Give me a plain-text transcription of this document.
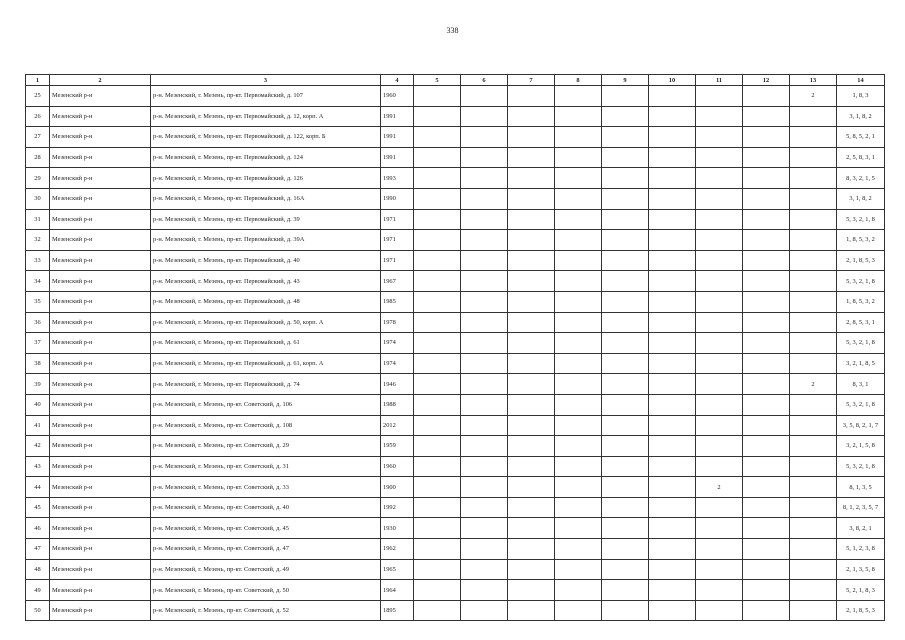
338
1	2	3	4	5	6	7	8	9	10	11	12	13	14
25	Мезенский р-н	р-н. Мезенский, г. Мезень, пр-кт. Первомайский, д. 107	1960									2	1, 8, 3
26	Мезенский р-н	р-н. Мезенский, г. Мезень, пр-кт. Первомайский, д. 12, корп. А	1991										3, 1, 8, 2
27	Мезенский р-н	р-н. Мезенский, г. Мезень, пр-кт. Первомайский, д. 122, корп. Б	1991										5, 8, 5, 2, 1
28	Мезенский р-н	р-н. Мезенский, г. Мезень, пр-кт. Первомайский, д. 124	1991										2, 5, 8, 3, 1
29	Мезенский р-н	р-н. Мезенский, г. Мезень, пр-кт. Первомайский, д. 126	1993										8, 3, 2, 1, 5
30	Мезенский р-н	р-н. Мезенский, г. Мезень, пр-кт. Первомайский, д. 16А	1990										3, 1, 8, 2
31	Мезенский р-н	р-н. Мезенский, г. Мезень, пр-кт. Первомайский, д. 39	1971										5, 3, 2, 1, 8
32	Мезенский р-н	р-н. Мезенский, г. Мезень, пр-кт. Первомайский, д. 39А	1971										1, 8, 5, 3, 2
33	Мезенский р-н	р-н. Мезенский, г. Мезень, пр-кт. Первомайский, д. 40	1971										2, 1, 8, 5, 3
34	Мезенский р-н	р-н. Мезенский, г. Мезень, пр-кт. Первомайский, д. 43	1967										5, 3, 2, 1, 8
35	Мезенский р-н	р-н. Мезенский, г. Мезень, пр-кт. Первомайский, д. 48	1985										1, 8, 5, 3, 2
36	Мезенский р-н	р-н. Мезенский, г. Мезень, пр-кт. Первомайский, д. 50, корп. А	1978										2, 8, 5, 3, 1
37	Мезенский р-н	р-н. Мезенский, г. Мезень, пр-кт. Первомайский, д. 61	1974										5, 3, 2, 1, 8
38	Мезенский р-н	р-н. Мезенский, г. Мезень, пр-кт. Первомайский, д. 61, корп. А	1974										3, 2, 1, 8, 5
39	Мезенский р-н	р-н. Мезенский, г. Мезень, пр-кт. Первомайский, д. 74	1946									2	8, 3, 1
40	Мезенский р-н	р-н. Мезенский, г. Мезень, пр-кт. Советский, д. 106	1988										5, 3, 2, 1, 8
41	Мезенский р-н	р-н. Мезенский, г. Мезень, пр-кт. Советский, д. 108	2012										3, 5, 8, 2, 1, 7
42	Мезенский р-н	р-н. Мезенский, г. Мезень, пр-кт. Советский, д. 29	1959										3, 2, 1, 5, 8
43	Мезенский р-н	р-н. Мезенский, г. Мезень, пр-кт. Советский, д. 31	1960										5, 3, 2, 1, 8
44	Мезенский р-н	р-н. Мезенский, г. Мезень, пр-кт. Советский, д. 33	1900							2			8, 1, 3, 5
45	Мезенский р-н	р-н. Мезенский, г. Мезень, пр-кт. Советский, д. 40	1992										8, 1, 2, 3, 5, 7
46	Мезенский р-н	р-н. Мезенский, г. Мезень, пр-кт. Советский, д. 45	1930										3, 8, 2, 1
47	Мезенский р-н	р-н. Мезенский, г. Мезень, пр-кт. Советский, д. 47	1962										5, 1, 2, 3, 8
48	Мезенский р-н	р-н. Мезенский, г. Мезень, пр-кт. Советский, д. 49	1965										2, 1, 3, 5, 8
49	Мезенский р-н	р-н. Мезенский, г. Мезень, пр-кт. Советский, д. 50	1964										5, 2, 1, 8, 3
50	Мезенский р-н	р-н. Мезенский, г. Мезень, пр-кт. Советский, д. 52	1895										2, 1, 8, 5, 3
